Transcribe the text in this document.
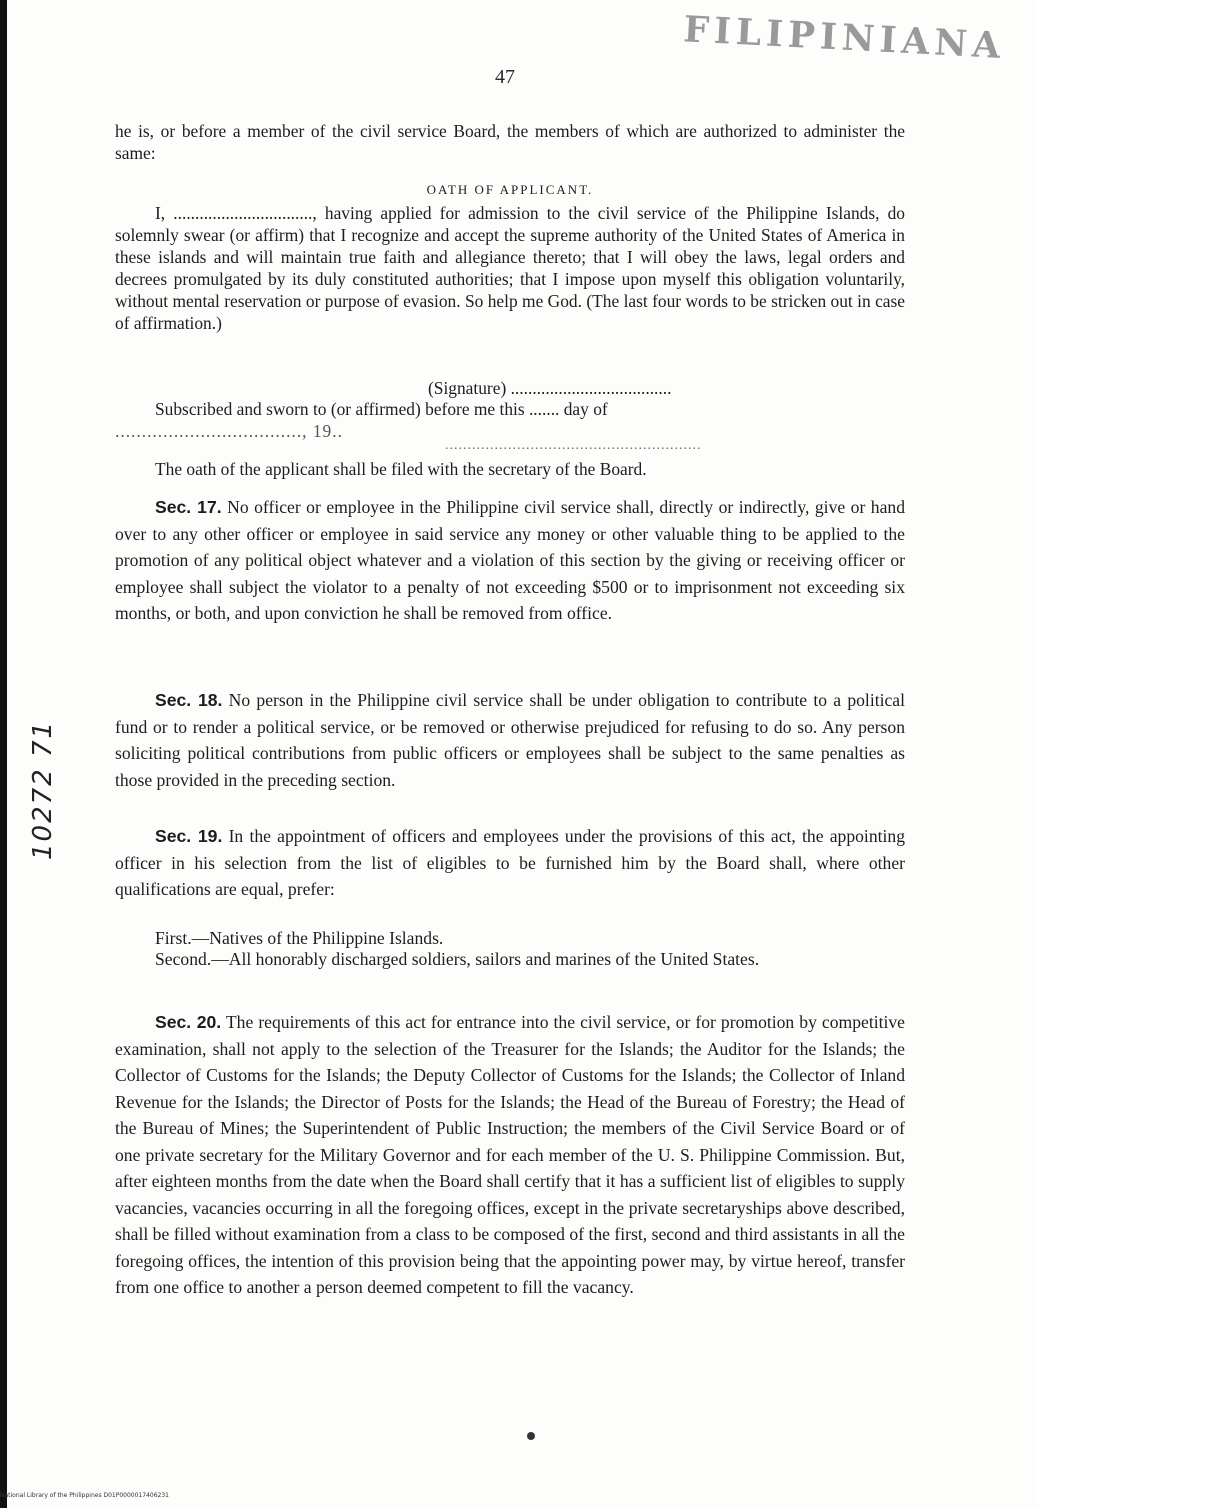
FILIPINIANA
10272 71
47
he is, or before a member of the civil service Board, the members of which are authorized to administer the same:
OATH OF APPLICANT.
I, ................................, having applied for admission to the civil service of the Philippine Islands, do solemnly swear (or affirm) that I recognize and accept the supreme authority of the United States of America in these islands and will maintain true faith and allegiance thereto; that I will obey the laws, legal orders and decrees promulgated by its duly constituted authorities; that I impose upon myself this obligation voluntarily, without mental reservation or purpose of evasion. So help me God. (The last four words to be stricken out in case of affirmation.)
(Signature) .....................................
Subscribed and sworn to (or affirmed) before me this ....... day of
..................................., 19..
.........................................................
The oath of the applicant shall be filed with the secretary of the Board.
Sec. 17. No officer or employee in the Philippine civil service shall, directly or indirectly, give or hand over to any other officer or employee in said service any money or other valuable thing to be applied to the promotion of any political object whatever and a violation of this section by the giving or receiving officer or employee shall subject the violator to a penalty of not exceeding $500 or to imprisonment not exceeding six months, or both, and upon conviction he shall be removed from office.
Sec. 18. No person in the Philippine civil service shall be under obligation to contribute to a political fund or to render a political service, or be removed or otherwise prejudiced for refusing to do so. Any person soliciting political contributions from public officers or employees shall be subject to the same penalties as those provided in the preceding section.
Sec. 19. In the appointment of officers and employees under the provisions of this act, the appointing officer in his selection from the list of eligibles to be furnished him by the Board shall, where other qualifications are equal, prefer:
First.—Natives of the Philippine Islands.
Second.—All honorably discharged soldiers, sailors and marines of the United States.
Sec. 20. The requirements of this act for entrance into the civil service, or for promotion by competitive examination, shall not apply to the selection of the Treasurer for the Islands; the Auditor for the Islands; the Collector of Customs for the Islands; the Deputy Collector of Customs for the Islands; the Collector of Inland Revenue for the Islands; the Director of Posts for the Islands; the Head of the Bureau of Forestry; the Head of the Bureau of Mines; the Superintendent of Public Instruction; the members of the Civil Service Board or of one private secretary for the Military Governor and for each member of the U. S. Philippine Commission. But, after eighteen months from the date when the Board shall certify that it has a sufficient list of eligibles to supply vacancies, vacancies occurring in all the foregoing offices, except in the private secretaryships above described, shall be filled without examination from a class to be composed of the first, second and third assistants in all the foregoing offices, the intention of this provision being that the appointing power may, by virtue hereof, transfer from one office to another a person deemed competent to fill the vacancy.
National Library of the Philippines D01P0000017406231
